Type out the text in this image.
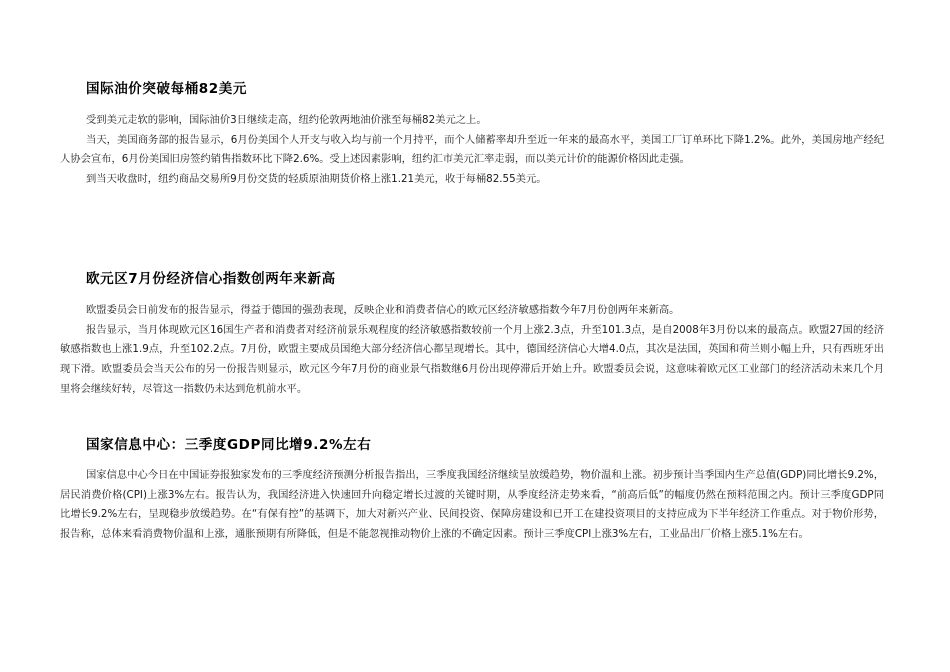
国际油价突破每桶82美元

受到美元走软的影响，国际油价3日继续走高，纽约伦敦两地油价涨至每桶82美元之上。

当天，美国商务部的报告显示，6月份美国个人开支与收入均与前一个月持平，而个人储蓄率却升至近一年来的最高水平，美国工厂订单环比下降1.2%。此外，美国房地产经纪人协会宣布，6月份美国旧房签约销售指数环比下降2.6%。受上述因素影响，纽约汇市美元汇率走弱，而以美元计价的能源价格因此走强。

到当天收盘时，纽约商品交易所9月份交货的轻质原油期货价格上涨1.21美元，收于每桶82.55美元。

欧元区7月份经济信心指数创两年来新高

欧盟委员会日前发布的报告显示，得益于德国的强劲表现，反映企业和消费者信心的欧元区经济敏感指数今年7月份创两年来新高。

报告显示，当月体现欧元区16国生产者和消费者对经济前景乐观程度的经济敏感指数较前一个月上涨2.3点，升至101.3点，是自2008年3月份以来的最高点。欧盟27国的经济敏感指数也上涨1.9点，升至102.2点。7月份，欧盟主要成员国绝大部分经济信心都呈现增长。其中，德国经济信心大增4.0点，其次是法国，英国和荷兰则小幅上升，只有西班牙出现下滑。欧盟委员会当天公布的另一份报告则显示，欧元区今年7月份的商业景气指数继6月份出现停滞后开始上升。欧盟委员会说，这意味着欧元区工业部门的经济活动未来几个月里将会继续好转，尽管这一指数仍未达到危机前水平。

国家信息中心：三季度GDP同比增9.2%左右

国家信息中心今日在中国证券报独家发布的三季度经济预测分析报告指出，三季度我国经济继续呈放缓趋势，物价温和上涨。初步预计当季国内生产总值(GDP)同比增长9.2%，居民消费价格(CPI)上涨3%左右。报告认为，我国经济进入快速回升向稳定增长过渡的关键时期，从季度经济走势来看，“前高后低”的幅度仍然在预料范围之内。预计三季度GDP同比增长9.2%左右，呈现稳步放缓趋势。在“有保有控”的基调下，加大对新兴产业、民间投资、保障房建设和已开工在建投资项目的支持应成为下半年经济工作重点。对于物价形势，报告称，总体来看消费物价温和上涨，通胀预期有所降低，但是不能忽视推动物价上涨的不确定因素。预计三季度CPI上涨3%左右，工业品出厂价格上涨5.1%左右。
